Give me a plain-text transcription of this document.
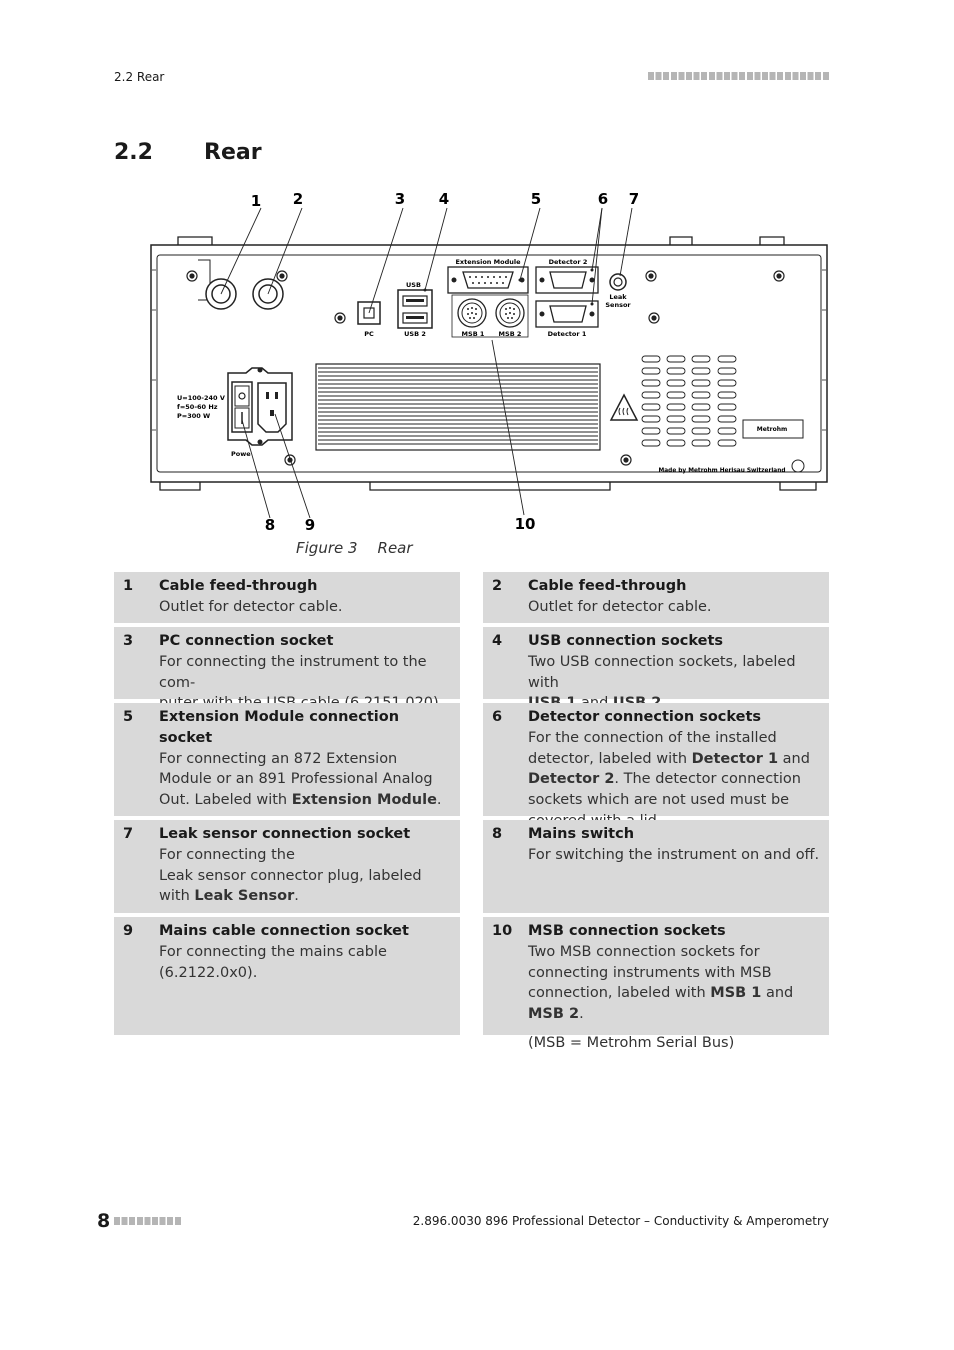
2.2 Rear
2.2 Rear
PC
USB
USB 2
Extension Module
MSB 1 MSB 2
Detector 2
Detector 1
Leak
Sensor
U=100-240 V
f=50-60 Hz
P=300 W
Powe
Metrohm
Made by Metrohm Herisau Switzerland
1 2	3 4	5	6 7
8 9	10
Figure 3 Rear
1 Cable feed-through
Outlet for detector cable.
2 Cable feed-through
Outlet for detector cable.
3 PC connection socket
For connecting the instrument to the com-
4 USB connection sockets
Two USB connection sockets, labeled with

5 Extension Module connection socket
For connecting an 872 Extension Module or an 891 Professional Analog Out. Labeled with Extension Module.
6 Detector connection sockets
For the connection of the installed detector, labeled with Detector 1 and Detector 2. The detector connection sockets which are not used must be
7 Leak sensor connection socket
For connecting the
Leak sensor connector plug, labeled with Leak Sensor.
8 Mains switch
For switching the instrument on and off.
9 Mains cable connection socket
For connecting the mains cable (6.2122.0x0).
10 MSB connection sockets
Two MSB connection sockets for connecting instruments with MSB connection, labeled with MSB 1 and MSB 2.
(MSB = Metrohm Serial Bus)
8	2.896.0030 896 Professional Detector – Conductivity & Amperometry
